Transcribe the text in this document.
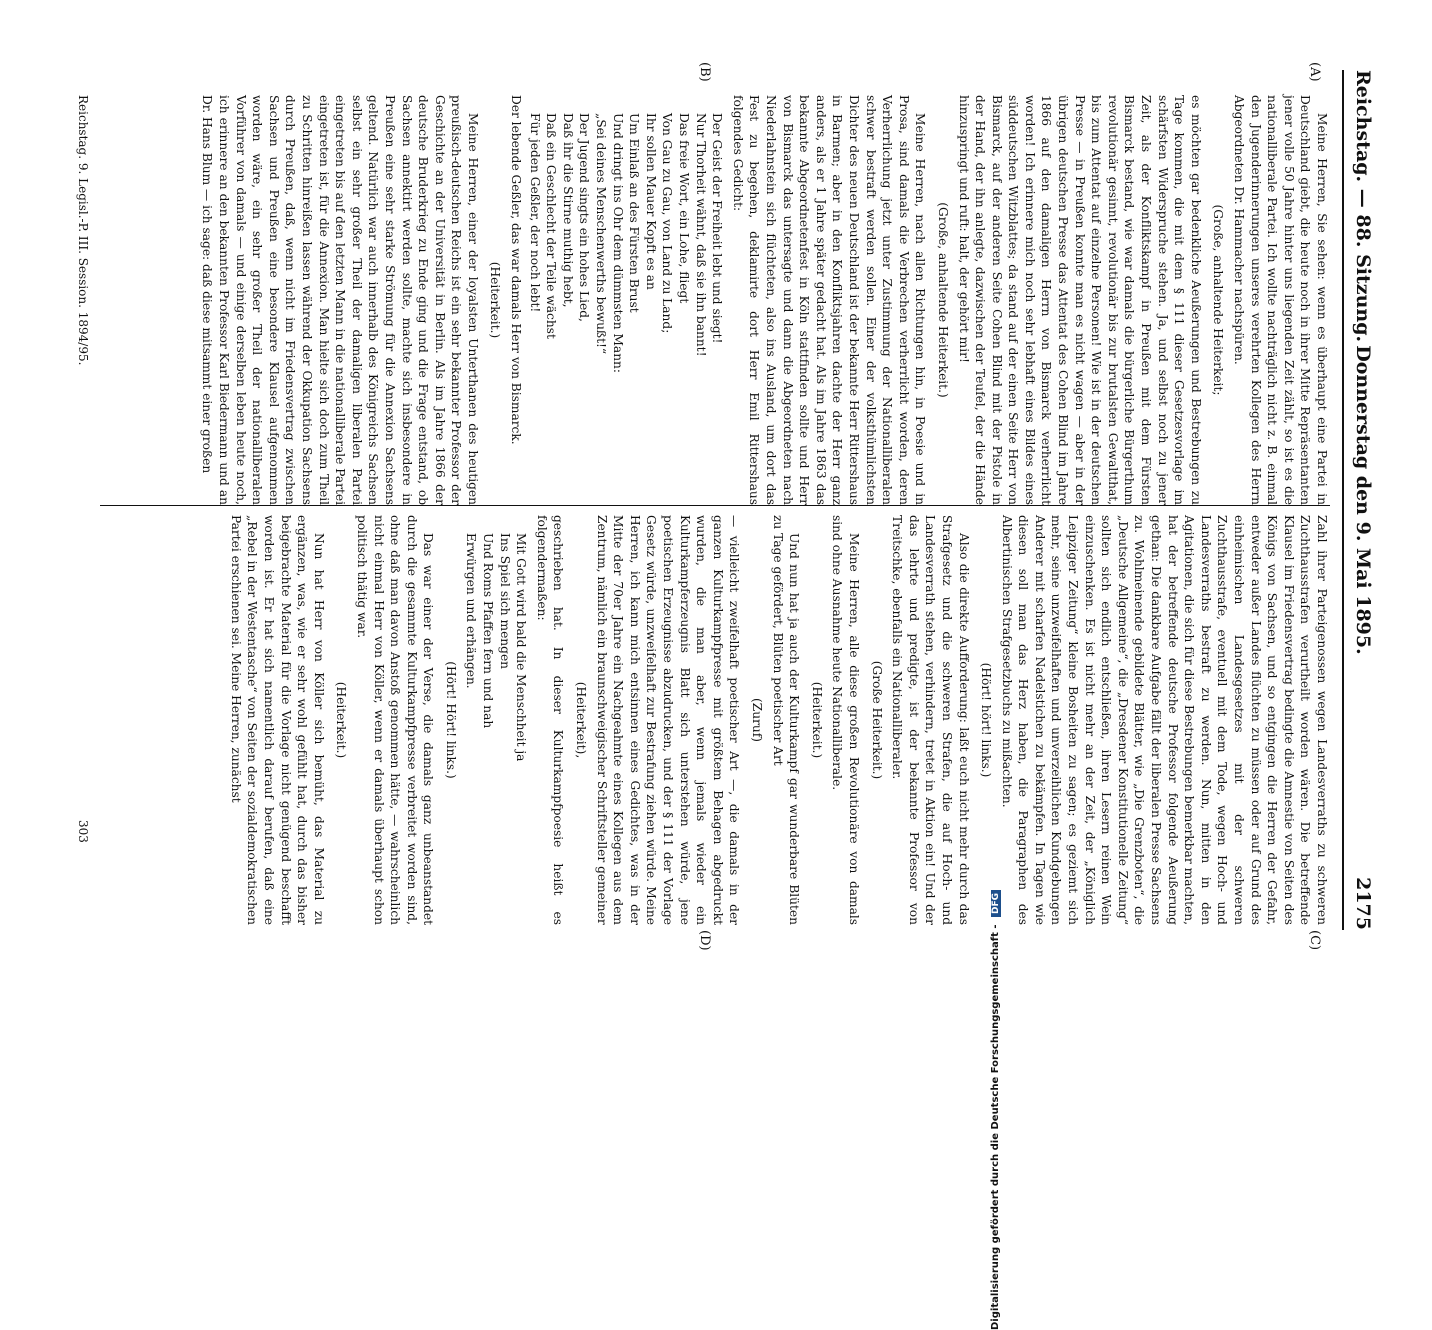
Reichstag. — 88. Sitzung.
Donnerstag den 9. Mai 1895.
2175
(A)
(B)
(C)
(D)

Meine Herren, Sie sehen: wenn es überhaupt eine Partei in Deutschland giebt, die heute noch in ihrer Mitte Repräsentanten jener volle 50 Jahre hinter uns liegenden Zeit zählt, so ist es die nationalliberale Partei. Ich wollte nachträglich nicht z. B. einmal den Jugenderinnerungen unseres verehrten Kollegen des Herrn Abgeordneten Dr. Hammacher nachspüren.

(Große, anhaltende Heiterkeit;

es möchten gar bedenkliche Aeußerungen und Bestrebungen zu Tage kommen, die mit dem § 111 dieser Gesetzesvorlage im schärfsten Widerspruche stehen. Ja, und selbst noch zu jener Zeit, als der Konfliktskampf in Preußen mit dem Fürsten Bismarck bestand, wie war damals die bürgerliche Bürgerthum revolutionär gesinnt, revolutionär bis zur brutalsten Gewaltthat, bis zum Attentat auf einzelne Personen! Wie ist in der deutschen Presse — in Preußen konnte man es nicht wagen — aber in der übrigen deutschen Presse das Attentat des Cohen Blind im Jahre 1866 auf den damaligen Herrn von Bismarck verherrlicht worden! Ich erinnere mich noch sehr lebhaft eines Bildes eines süddeutschen Witzblattes; da stand auf der einen Seite Herr von Bismarck, auf der anderen Seite Cohen Blind mit der Pistole in der Hand, der ihn anlegte, dazwischen der Teufel, der die Hände hinzuspringt und ruft: halt, der gehört mir!

(Große, anhaltende Heiterkeit.)

Meine Herren, nach allen Richtungen hin, in Poesie und in Prosa, sind damals die Verbrechen verherrlicht worden, deren Verherrlichung jetzt unter Zustimmung der Nationalliberalen schwer bestraft werden sollen. Einer der volksthümlichsten Dichter des neuen Deutschland ist der bekannte Herr Rittershaus in Barmen; aber in den Konfliktsjahren dachte der Herr ganz anders, als er 1 Jahre später gedacht hat. Als im Jahre 1863 das bekannte Abgeordnetenfest in Köln stattfinden sollte und Herr von Bismarck das untersagte und dann die Abgeordneten nach Niederlahnstein sich flüchteten, also ins Ausland, um dort das Fest zu begehen, deklamirte dort Herr Emil Rittershaus folgendes Gedicht:

Der Geist der Freiheit lebt und siegt!
Nur Thorheit wähnt, daß sie ihn bannt!
Das freie Wort, ein Lohe, fliegt
Von Gau zu Gau, von Land zu Land;
Ihr sollen Mauer Kopft es an
Um Einlaß an des Fürsten Brust
Und dringt ins Ohr dem dümmsten Mann:
„Sei deines Menschenwerths bewußt!“
Der Jugend singts ein hohes Lied,
Daß ihr die Stirne muthig hebt,
Daß ein Geschlecht der Teile wächst
Für jeden Geßler, der noch lebt!

Der lebende Geßler, das war damals Herr von Bismarck.

(Heiterkeit.)

Meine Herren, einer der loyalsten Unterthanen des heutigen preußisch-deutschen Reichs ist ein sehr bekannter Professor der Geschichte an der Universität in Berlin. Als im Jahre 1866 der deutsche Bruderkrieg zu Ende ging und die Frage entstand, ob Sachsen annektirt werden sollte, machte sich insbesondere in Preußen eine sehr starke Strömung für die Annexion Sachsens geltend. Natürlich war auch innerhalb des Königreichs Sachsen selbst ein sehr großer Theil der damaligen liberalen Partei eingetreten bis auf den letzten Mann in die nationalliberale Partei eingetreten ist, für die Annexion. Man hielte sich doch zum Theil zu Schritten hinreißen lassen während der Okkupation Sachsens durch Preußen, daß, wenn nicht im Friedensvertrag zwischen Sachsen und Preußen eine besondere Klausel aufgenommen worden wäre, ein sehr großer Theil der nationalliberalen Vorführer von damals — und einige derselben leben heute noch, ich erinnere an den bekannten Professor Karl Biedermann und an Dr. Hans Blum — ich sage: daß diese mitsammt einer großen

Zahl ihrer Parteigenossen wegen Landesverraths zu schweren Zuchthausstrafen verurtheilt worden wären. Die betreffende Klausel im Friedensvertrag bedingte die Amnestie von Seiten des Königs von Sachsen, und so entgingen die Herren der Gefahr, entweder außer Landes flüchten zu müssen oder auf Grund des einheimischen Landesgesetzes mit der schweren Zuchthausstrafe, eventuell mit dem Tode, wegen Hoch- und Landesverraths bestraft zu werden. Nun, mitten in den Agitationen, die sich für diese Bestrebungen bemerkbar machten, hat der betreffende deutsche Professor folgende Aeußerung gethan: Die dankbare Aufgabe fällt der liberalen Presse Sachsens zu. Wohlmeinende gebildete Blätter, wie „Die Grenzboten“, die „Deutsche Allgemeine“, die „Dresdener Konstitutionelle Zeitung“ sollten sich endlich entschließen, ihren Lesern reinen Wein einzuschenken. Es ist nicht mehr an der Zeit, der „Königlich Leipziger Zeitung“ kleine Bosheiten zu sagen; es geziemt sich mehr, seine unzweifelhaften und unverzeihlichen Kundgebungen Anderer mit scharfen Nadelstichen zu bekämpfen. In Tagen wie diesen soll man das Herz haben, die Paragraphen des Albertinischen Strafgesetzbuchs zu mißachten.

(Hört! hört! links.)

Also die direkte Aufforderung: laßt euch nicht mehr durch das Strafgesetz und die schweren Strafen, die auf Hoch- und Landesverrath stehen, verhindern, tretet in Aktion ein! Und der das lehrte und predigte, ist der bekannte Professor von Treitschke, ebenfalls ein Nationalliberaler.

(Große Heiterkeit.)

Meine Herren, alle diese großen Revolutionäre von damals sind ohne Ausnahme heute Nationalliberale.

(Heiterkeit.)

Und nun hat ja auch der Kulturkampf gar wunderbare Blüten zu Tage gefördert, Blüten poetischer Art

(Zuruf)

— vielleicht zweifelhaft poetischer Art —, die damals in der ganzen Kulturkampfpresse mit größtem Behagen abgedruckt wurden, die man aber, wenn jemals wieder ein Kulturkampferzeugnis Blatt sich unterstehen würde, jene poetischen Erzeugnisse abzudrucken, und der § 111 der Vorlage Gesetz würde, unzweifelhaft zur Bestrafung ziehen würde. Meine Herren, ich kann mich entsinnen eines Gedichtes, was in der Mitte der 70er Jahre ein Nachgeahmte eines Kollegen aus dem Zentrum, nämlich ein braunschweigischer Schriftsteller gemeiner

(Heiterkeit),

geschrieben hat. In dieser Kulturkampfpoesie heißt es folgendermaßen:

Mit Gott wird bald die Menschheit ja
Ins Spiel sich mengen
Und Roms Pfaffen fern und nah
Erwürgen und erhängen.
(Hört! Hört! links.)

Das war einer der Verse, die damals ganz unbeanstandet durch die gesammte Kulturkampfpresse verbreitet worden sind, ohne daß man davon Anstoß genommen hätte, — wahrscheinlich nicht einmal Herr von Köller, wenn er damals überhaupt schon politisch thätig war.

(Heiterkeit.)

Nun hat Herr von Köller sich bemüht, das Material zu ergänzen, was, wie er sehr wohl gefühlt hat, durch das bisher beigebrachte Material für die Vorlage nicht genügend beschafft worden ist. Er hat sich namentlich darauf berufen, daß eine „Rebel in der Westentasche“ von Seiten der sozialdemokratischen Partei erschienen sei. Meine Herren, zunächst

Reichstag. 9. Legisl.-P. III. Session. 1894/95.
303
Digitalisierung gefördert durch die Deutsche Forschungsgemeinschaft - DFG
